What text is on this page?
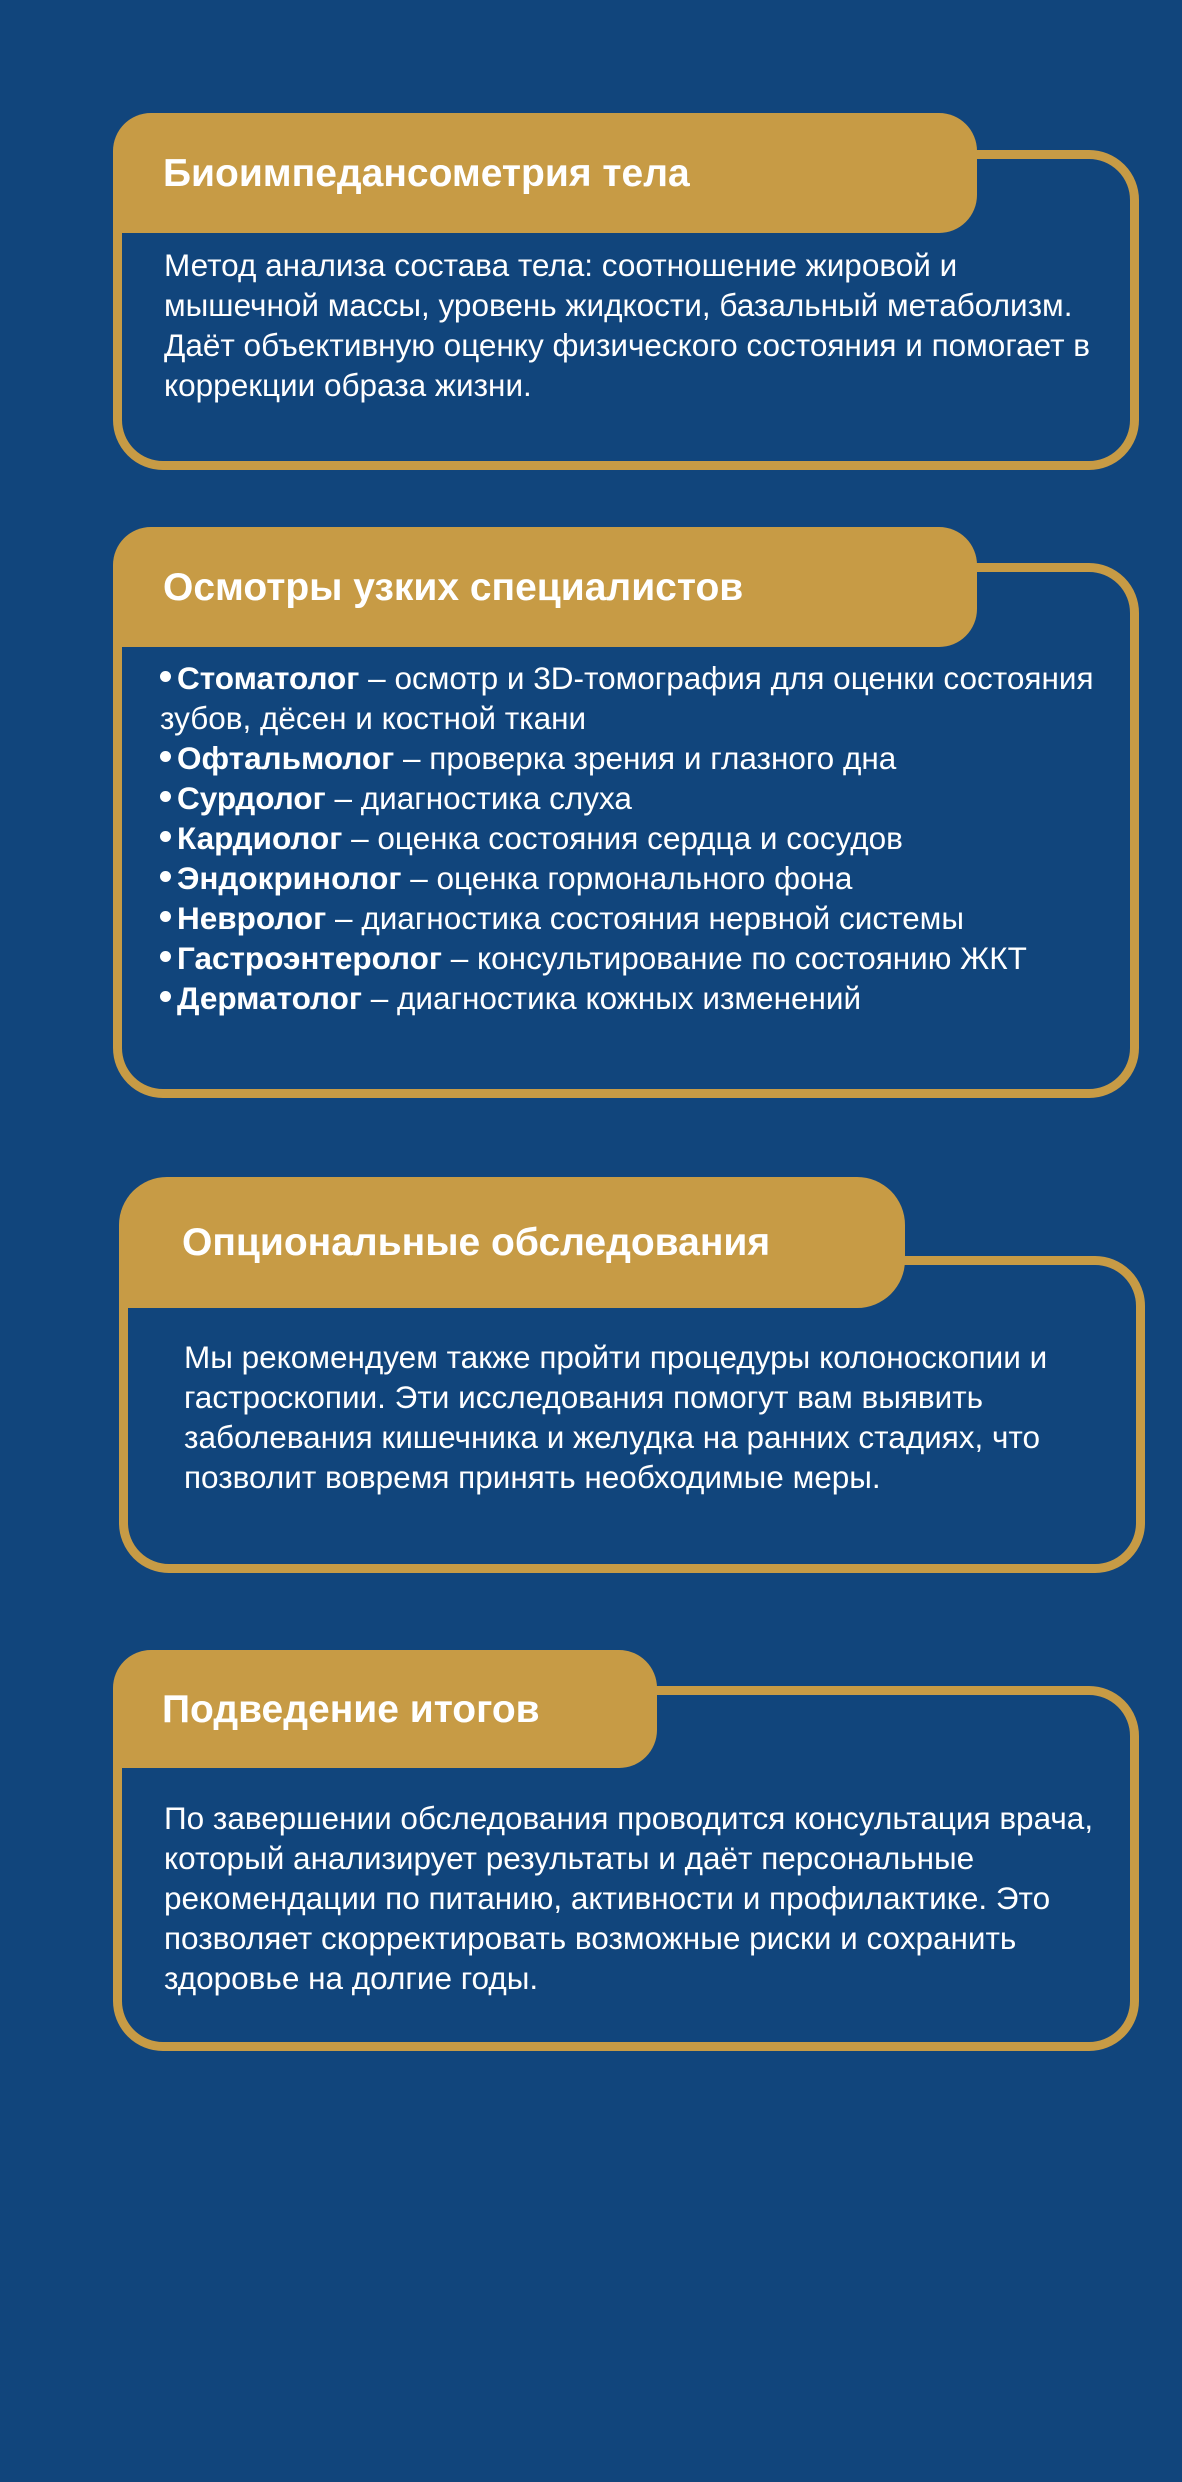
Биоимпедансометрия тела

Метод анализа состава тела: соотношение жировой и мышечной массы, уровень жидкости, базальный метаболизм. Даёт объективную оценку физического состояния и помогает в коррекции образа жизни.

Осмотры узких специалистов
Стоматолог – осмотр и 3D-томография для оценки состояния зубов, дёсен и костной ткани
Офтальмолог – проверка зрения и глазного дна
Сурдолог – диагностика слуха
Кардиолог – оценка состояния сердца и сосудов
Эндокринолог – оценка гормонального фона
Невролог – диагностика состояния нервной системы
Гастроэнтеролог – консультирование по состоянию ЖКТ
Дерматолог – диагностика кожных изменений
Опциональные обследования

Мы рекомендуем также пройти процедуры колоноскопии и гастроскопии. Эти исследования помогут вам выявить заболевания кишечника и желудка на ранних стадиях, что позволит вовремя принять необходимые меры.

Подведение итогов

По завершении обследования проводится консультация врача, который анализирует результаты и даёт персональные рекомендации по питанию, активности и профилактике. Это позволяет скорректировать возможные риски и сохранить здоровье на долгие годы.
